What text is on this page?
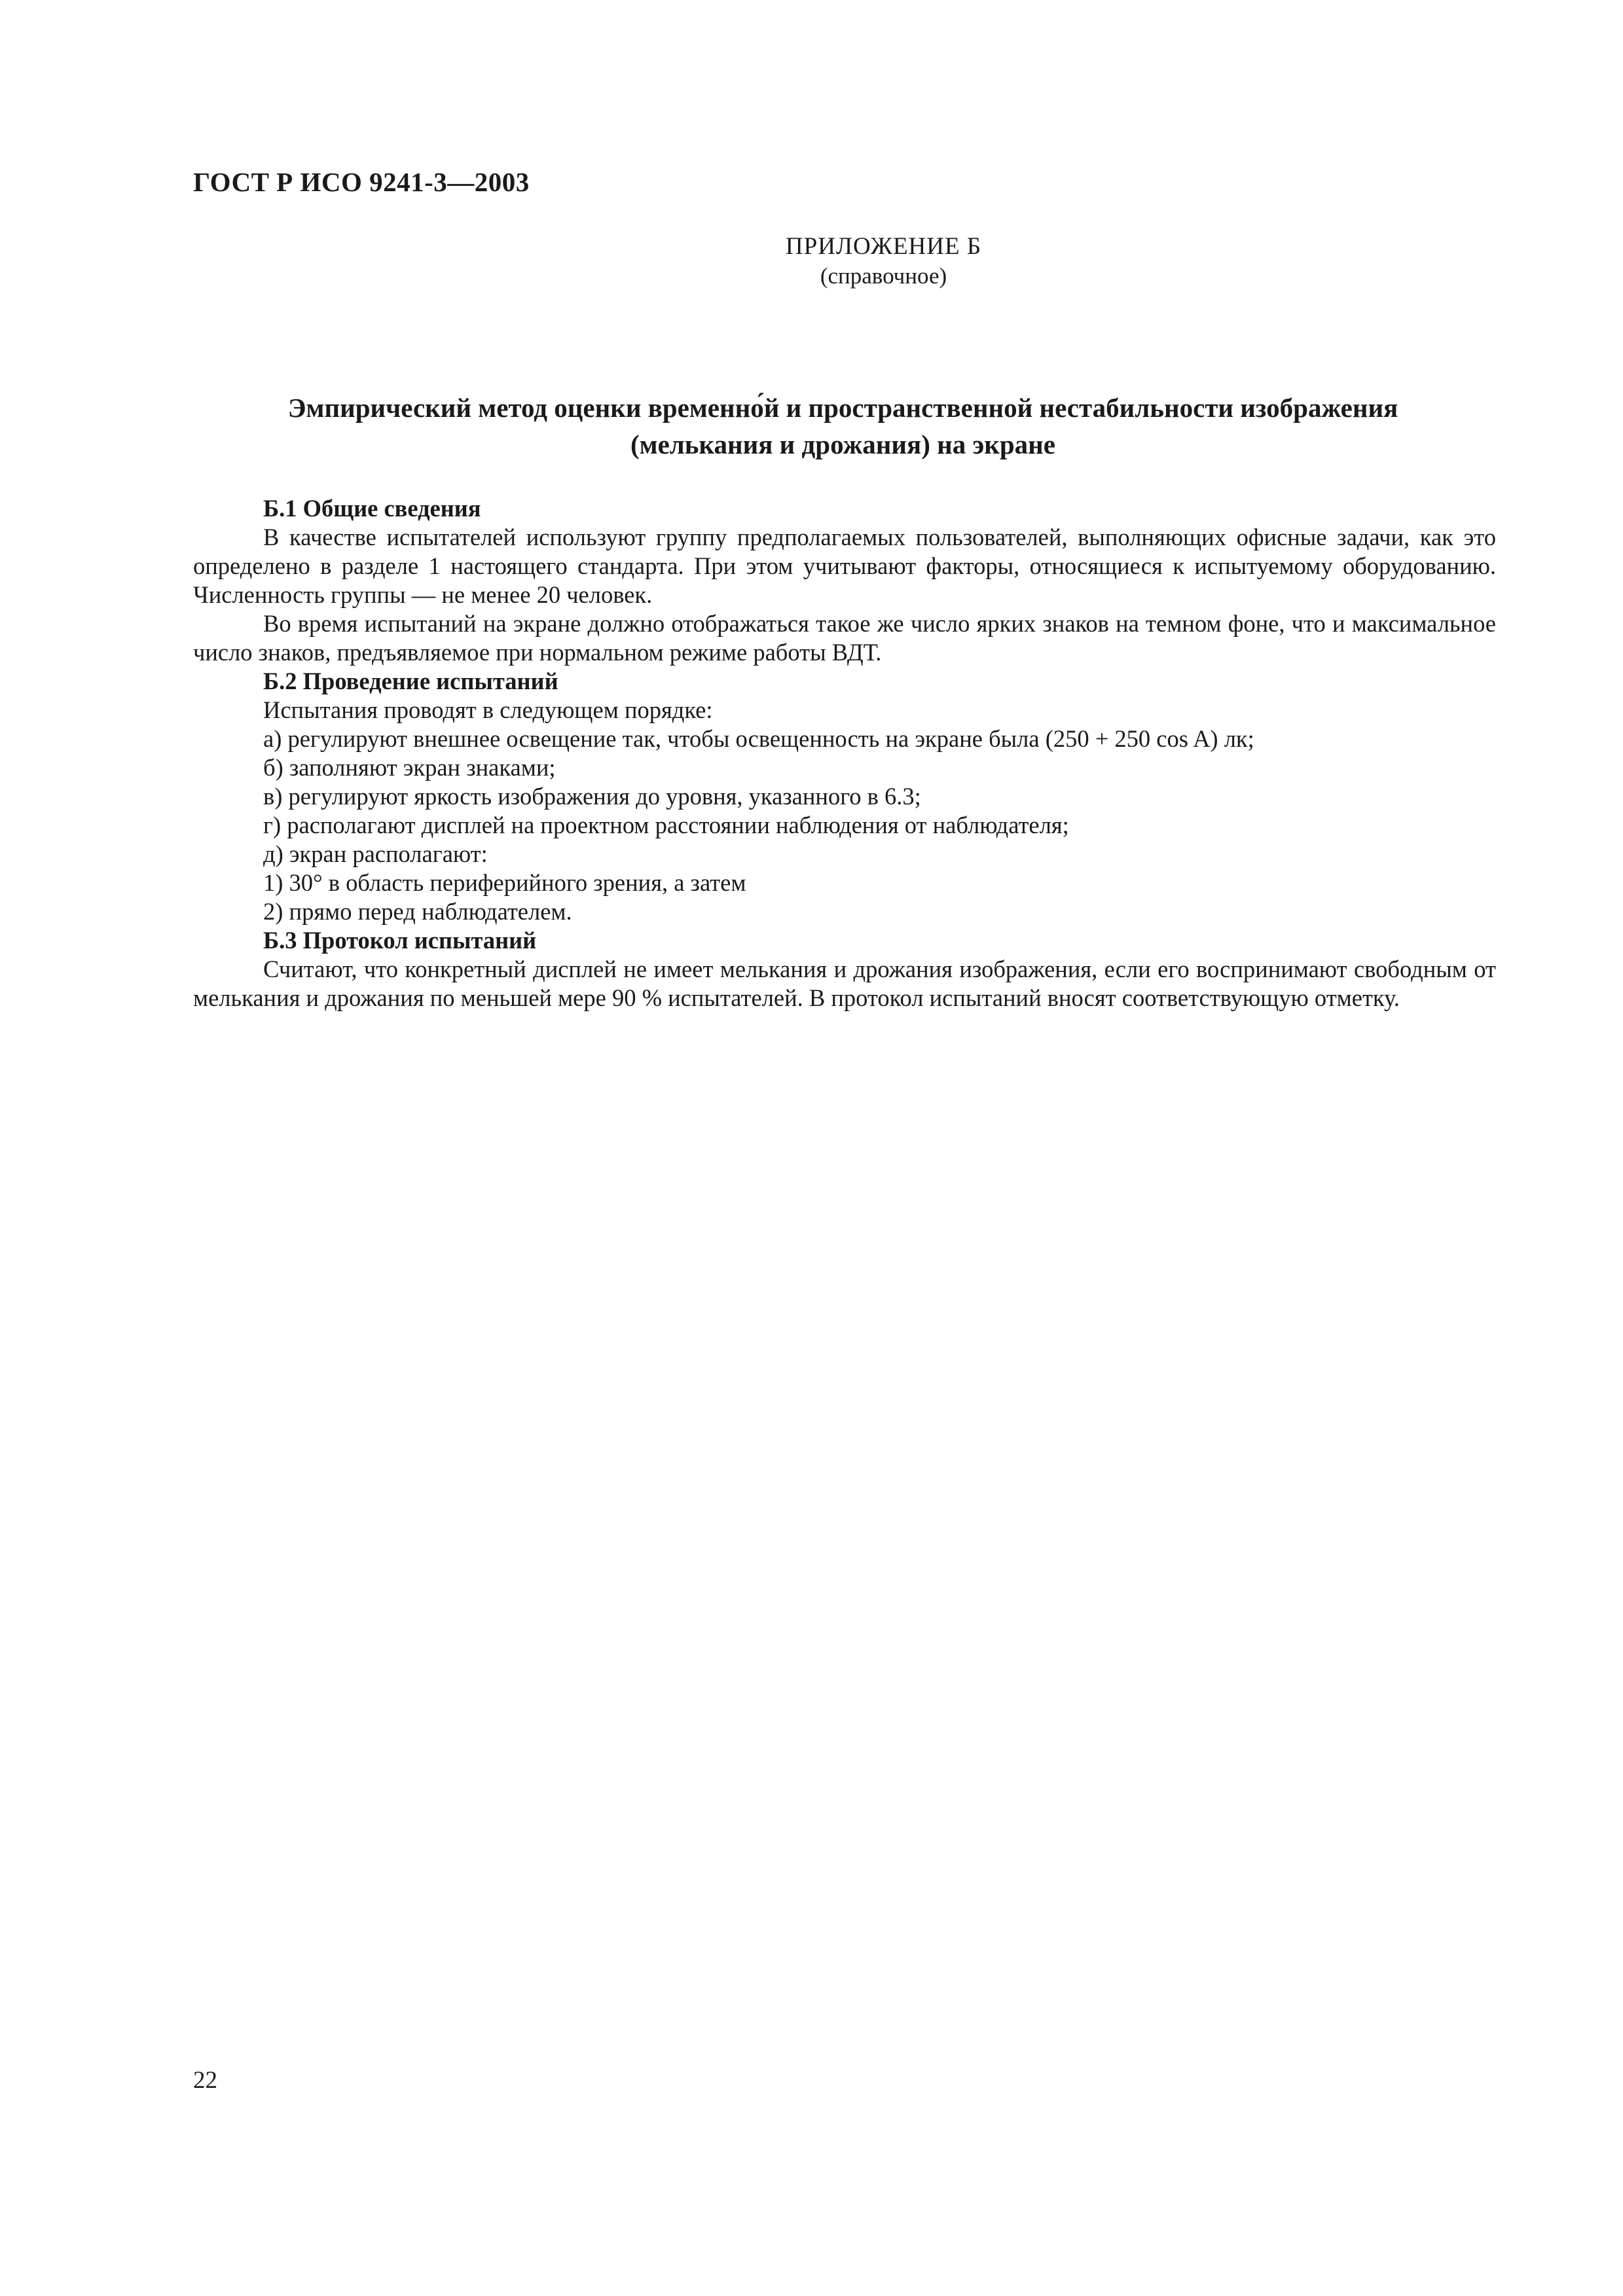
ГОСТ Р ИСО 9241-3—2003
ПРИЛОЖЕНИЕ Б
(справочное)
Эмпирический метод оценки временно́й и пространственной нестабильности изображения
(мелькания и дрожания) на экране

Б.1 Общие сведения

В качестве испытателей используют группу предполагаемых пользователей, выполняющих офисные задачи, как это определено в разделе 1 настоящего стандарта. При этом учитывают факторы, относящиеся к испытуемому оборудованию. Численность группы — не менее 20 человек.

Во время испытаний на экране должно отображаться такое же число ярких знаков на темном фоне, что и максимальное число знаков, предъявляемое при нормальном режиме работы ВДТ.

Б.2 Проведение испытаний

Испытания проводят в следующем порядке:

а) регулируют внешнее освещение так, чтобы освещенность на экране была (250 + 250 cos A) лк;

б) заполняют экран знаками;

в) регулируют яркость изображения до уровня, указанного в 6.3;

г) располагают дисплей на проектном расстоянии наблюдения от наблюдателя;

д) экран располагают:

1) 30° в область периферийного зрения, а затем

2) прямо перед наблюдателем.

Б.3 Протокол испытаний

Считают, что конкретный дисплей не имеет мелькания и дрожания изображения, если его воспринимают свободным от мелькания и дрожания по меньшей мере 90 % испытателей. В протокол испытаний вносят соответствующую отметку.

22
